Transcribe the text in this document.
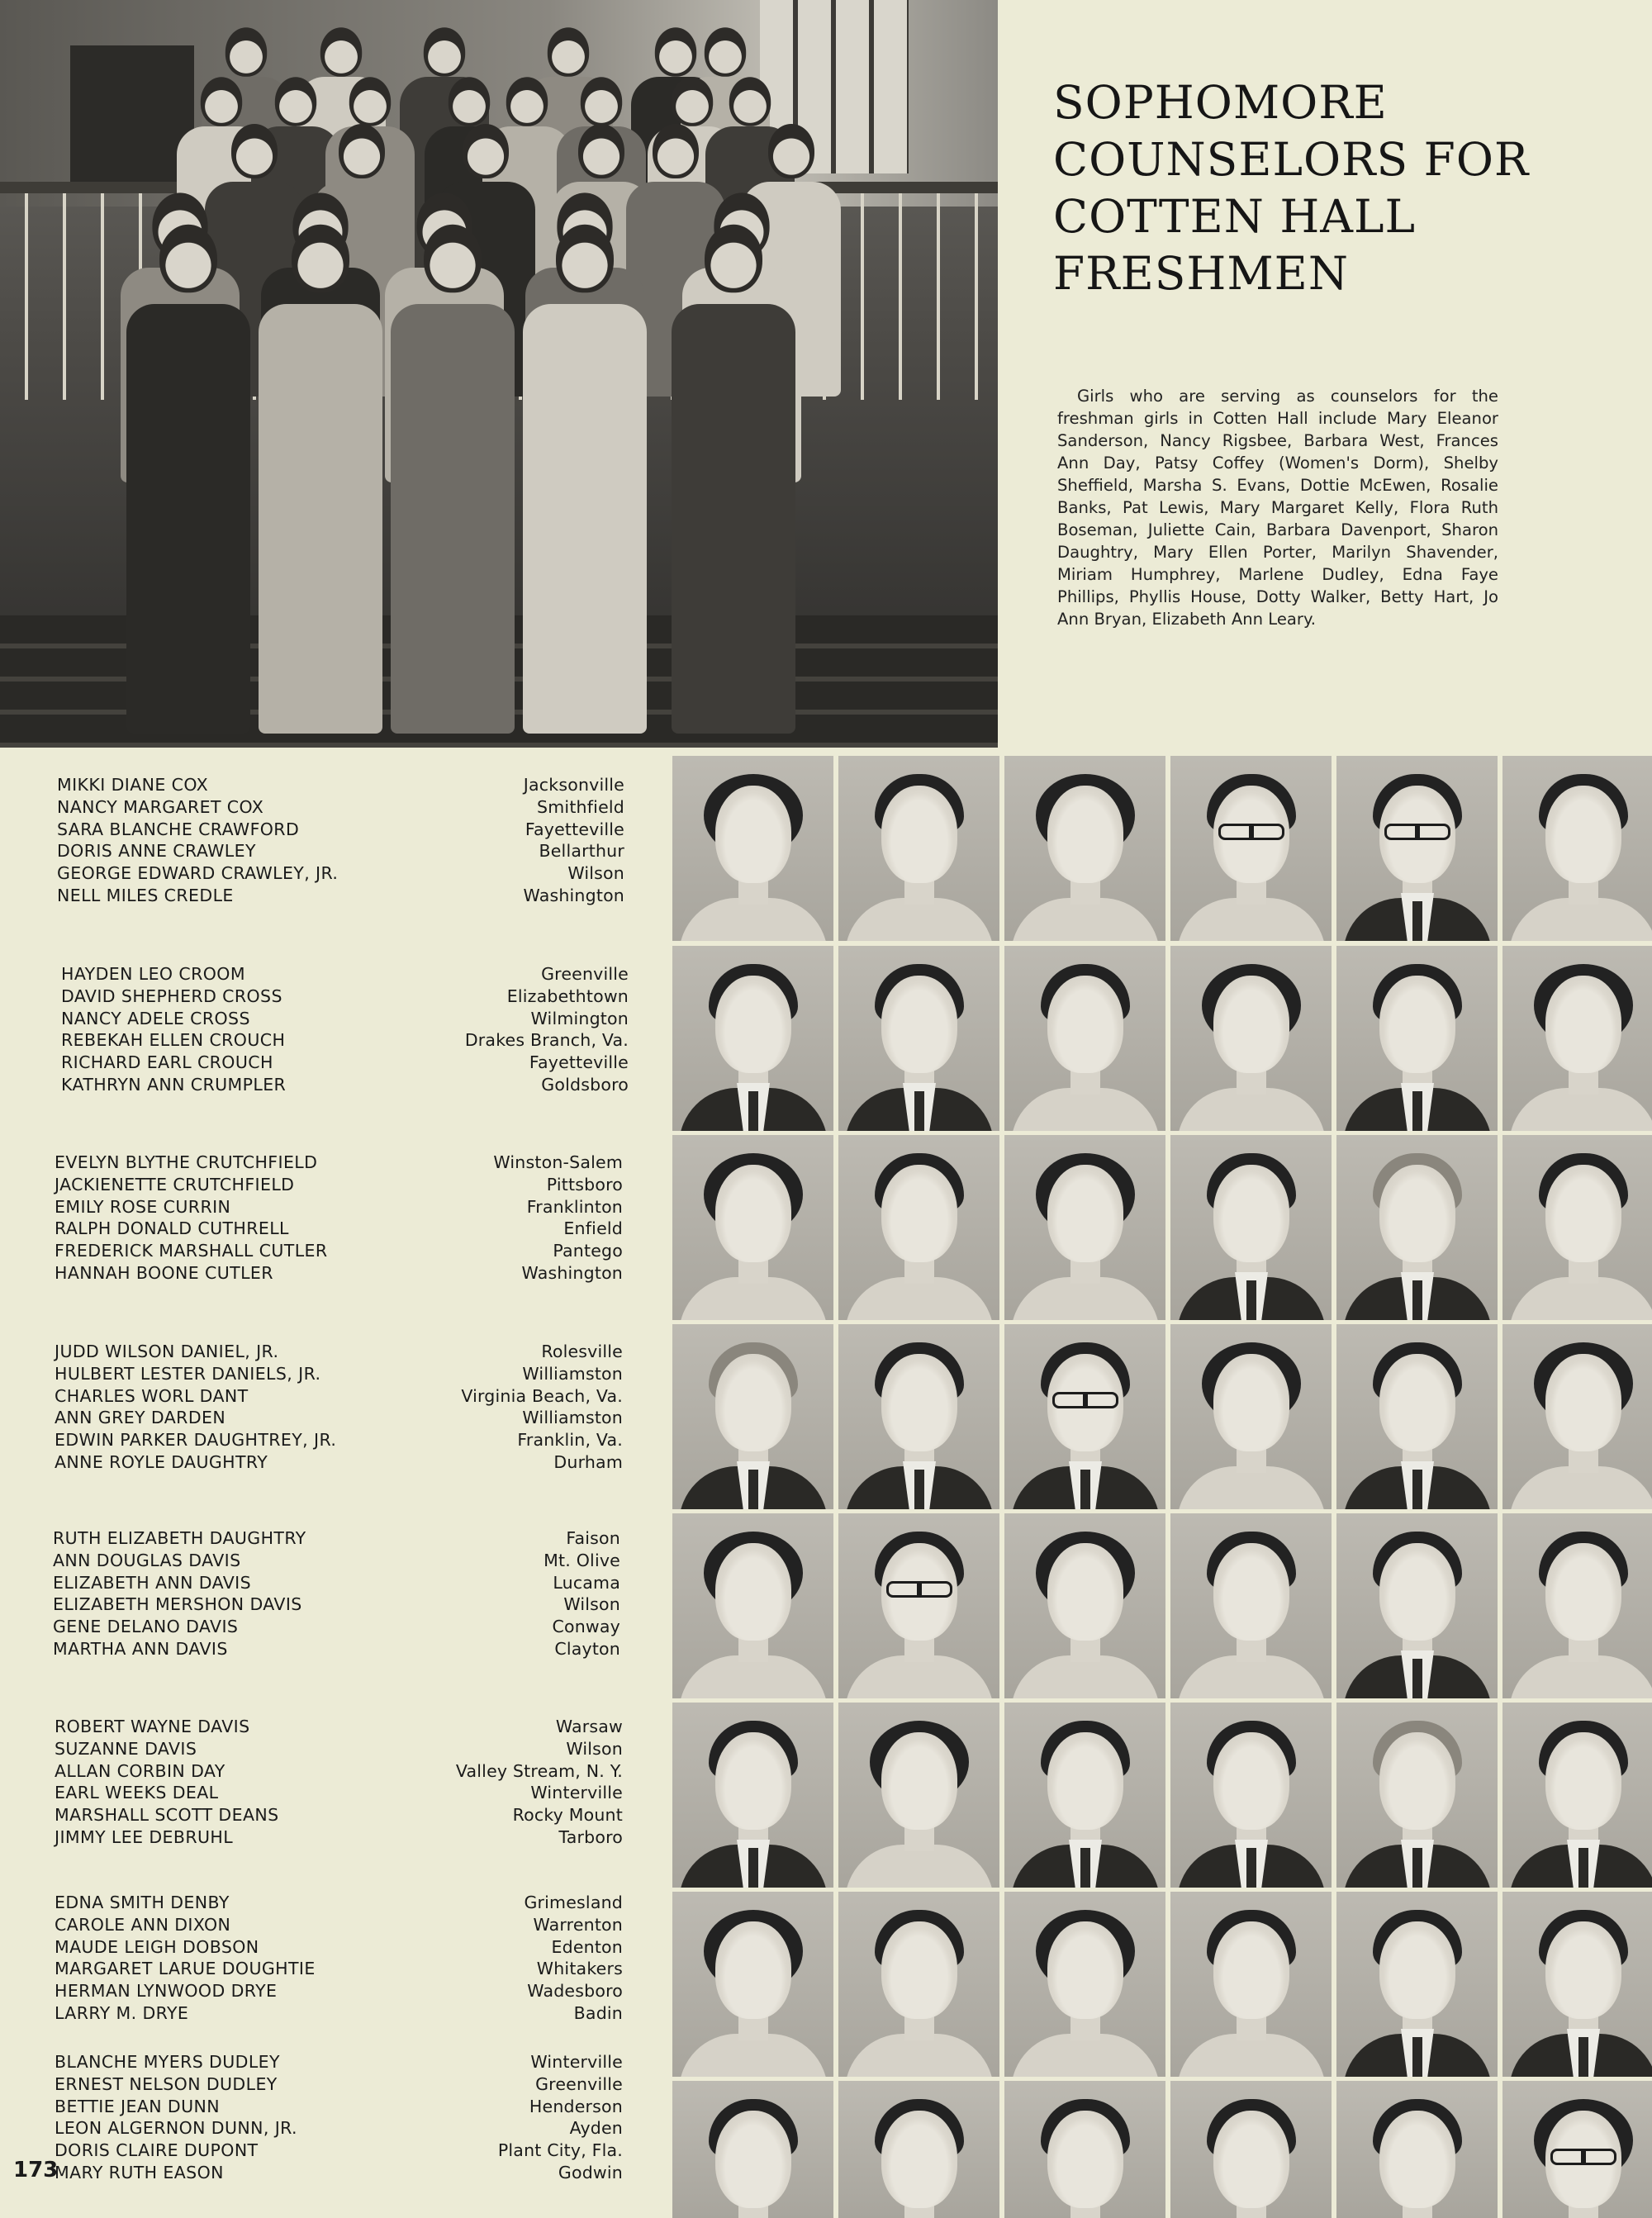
SOPHOMORE
COUNSELORS FOR
COTTEN HALL
FRESHMEN

Girls who are serving as counselors for the freshman girls in Cotten Hall include Mary Eleanor Sanderson, Nancy Rigsbee, Barbara West, Frances Ann Day, Patsy Coffey (Women's Dorm), Shelby Sheffield, Marsha S. Evans, Dottie McEwen, Rosalie Banks, Pat Lewis, Mary Margaret Kelly, Flora Ruth Boseman, Juliette Cain, Barbara Davenport, Sharon Daughtry, Mary Ellen Porter, Marilyn Shavender, Miriam Humphrey, Marlene Dudley, Edna Faye Phillips, Phyllis House, Dotty Walker, Betty Hart, Jo Ann Bryan, Elizabeth Ann Leary.

MIKKI DIANE COX
NANCY MARGARET COX
SARA BLANCHE CRAWFORD
DORIS ANNE CRAWLEY
GEORGE EDWARD CRAWLEY, JR.
NELL MILES CREDLE
Jacksonville
Smithfield
Fayetteville
Bellarthur
Wilson
Washington
HAYDEN LEO CROOM
DAVID SHEPHERD CROSS
NANCY ADELE CROSS
REBEKAH ELLEN CROUCH
RICHARD EARL CROUCH
KATHRYN ANN CRUMPLER
Greenville
Elizabethtown
Wilmington
Drakes Branch, Va.
Fayetteville
Goldsboro
EVELYN BLYTHE CRUTCHFIELD
JACKIENETTE CRUTCHFIELD
EMILY ROSE CURRIN
RALPH DONALD CUTHRELL
FREDERICK MARSHALL CUTLER
HANNAH BOONE CUTLER
Winston-Salem
Pittsboro
Franklinton
Enfield
Pantego
Washington
JUDD WILSON DANIEL, JR.
HULBERT LESTER DANIELS, JR.
CHARLES WORL DANT
ANN GREY DARDEN
EDWIN PARKER DAUGHTREY, JR.
ANNE ROYLE DAUGHTRY
Rolesville
Williamston
Virginia Beach, Va.
Williamston
Franklin, Va.
Durham
RUTH ELIZABETH DAUGHTRY
ANN DOUGLAS DAVIS
ELIZABETH ANN DAVIS
ELIZABETH MERSHON DAVIS
GENE DELANO DAVIS
MARTHA ANN DAVIS
Faison
Mt. Olive
Lucama
Wilson
Conway
Clayton
ROBERT WAYNE DAVIS
SUZANNE DAVIS
ALLAN CORBIN DAY
EARL WEEKS DEAL
MARSHALL SCOTT DEANS
JIMMY LEE DEBRUHL
Warsaw
Wilson
Valley Stream, N. Y.
Winterville
Rocky Mount
Tarboro
EDNA SMITH DENBY
CAROLE ANN DIXON
MAUDE LEIGH DOBSON
MARGARET LARUE DOUGHTIE
HERMAN LYNWOOD DRYE
LARRY M. DRYE
Grimesland
Warrenton
Edenton
Whitakers
Wadesboro
Badin
BLANCHE MYERS DUDLEY
ERNEST NELSON DUDLEY
BETTIE JEAN DUNN
LEON ALGERNON DUNN, JR.
DORIS CLAIRE DUPONT
MARY RUTH EASON
Winterville
Greenville
Henderson
Ayden
Plant City, Fla.
Godwin
173
